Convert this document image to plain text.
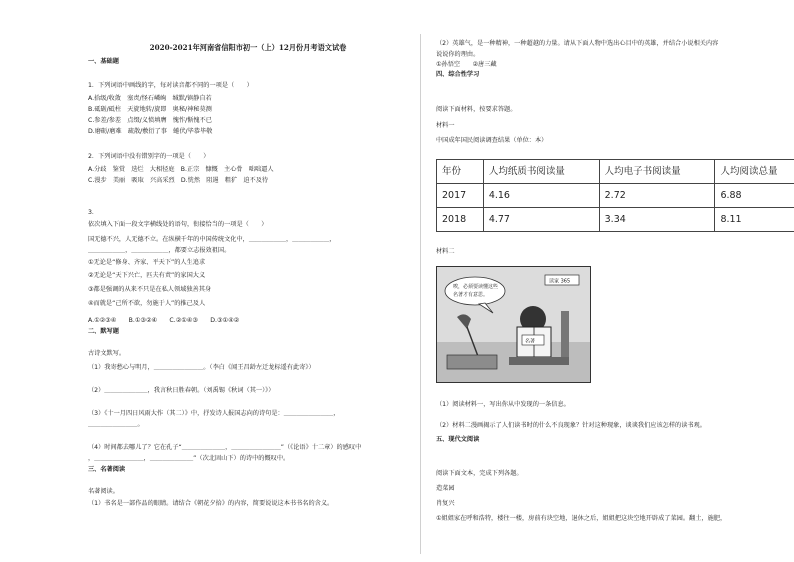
2020-2021年河南省信阳市初一（上）12月份月考语文试卷
一、基础题
1．下列词语中画线的字，每对读音都不同的一项是（　　）
A.拾级/收敛　塞责/怪石嶙峋　缄默/镇静自若
B.砥砺/砥柱　天旋地转/旋即　奥秘/神秘莫测
C.参差/参差　点缀/义愤填膺　愧怍/惭愧不已
D.磨砺/磨难　疏散/敷衍了事　蜷伏/毕恭毕敬
2．下列词语中没有错别字的一项是（　　）
A.分歧　鉴赏　迭烂　大相径庭　B.正宗　慷慨　主心骨　咄咄逼人
C.漫步　美丽　吸取　兴高采烈　D.恍然　阻遏　粗犷　迫不及待
3．
依次填入下面一段文字横线处的语句，衔接恰当的一项是（　　）
国无德不兴，人无德不立。在纵横千年的中国传统文化中，＿＿＿＿＿＿，＿＿＿＿＿＿，
＿＿＿＿＿＿，＿＿＿＿＿＿，都要立志报效祖国。
①无论是“修身、齐家、平天下”的人生追求
②无论是“天下兴亡，匹夫有责”的家国大义
③都是强调的从来不只是在私人领域独善其身
④而就是“己所不欲，勿施于人”的推己及人
A.①②③④　　B.①③②④　　C.②①④③　　D.③①④②
二、默写题
古诗文默写。
（1）我寄愁心与明月，＿＿＿＿＿＿＿＿。（李白《闻王昌龄左迁龙标遥有此寄》）
（2）＿＿＿＿＿＿＿，我言秋日胜春朝。（刘禹锡《秋词（其一）》）
（3）《十一月四日风雨大作（其二）》中，抒发诗人报国志向的诗句是：＿＿＿＿＿＿＿＿，
＿＿＿＿＿＿＿＿。
（4）时间都去哪儿了？它在孔子“＿＿＿＿＿＿＿，＿＿＿＿＿＿＿＿”（《论语》十二章）的感叹中
，＿＿＿＿＿＿＿＿，＿＿＿＿＿＿＿”（次北固山下）的诗中的慨叹中。
三、名著阅读
名著阅读。
（1）书名是一部作品的眼睛。请结合《朝花夕拾》的内容，简要说说这本书书名的含义。
（2）英雄气，是一种精神，一种超越的力量。请从下面人物中选出心目中的英雄，并结合小说相关内容
说说你的理由。
①孙悟空　　②唐三藏
四、综合性学习
阅读下面材料，按要求答题。
材料一
中国成年国民阅读调查结果（单位：本）
年份	人均纸质书阅读量	人均电子书阅读量	人均阅读总量
2017	4.16	2.72	6.88
2018	4.77	3.34	8.11
材料二
唉，必须要读懂这些
名著才有意思。
读家 365
名著
（1）阅读材料一，写出你从中发现的一条信息。
（2）材料二漫画揭示了人们读书时的什么不良现象？针对这种现象，谈谈我们应该怎样的读书观。
五、现代文阅读
阅读下面文本，完成下列各题。
造菜园
肖复兴
①姐姐家在呼和浩特，楼往一楼，房前有块空地，退休之后，姐姐把这块空地开辟成了菜园。翻土，施肥，
